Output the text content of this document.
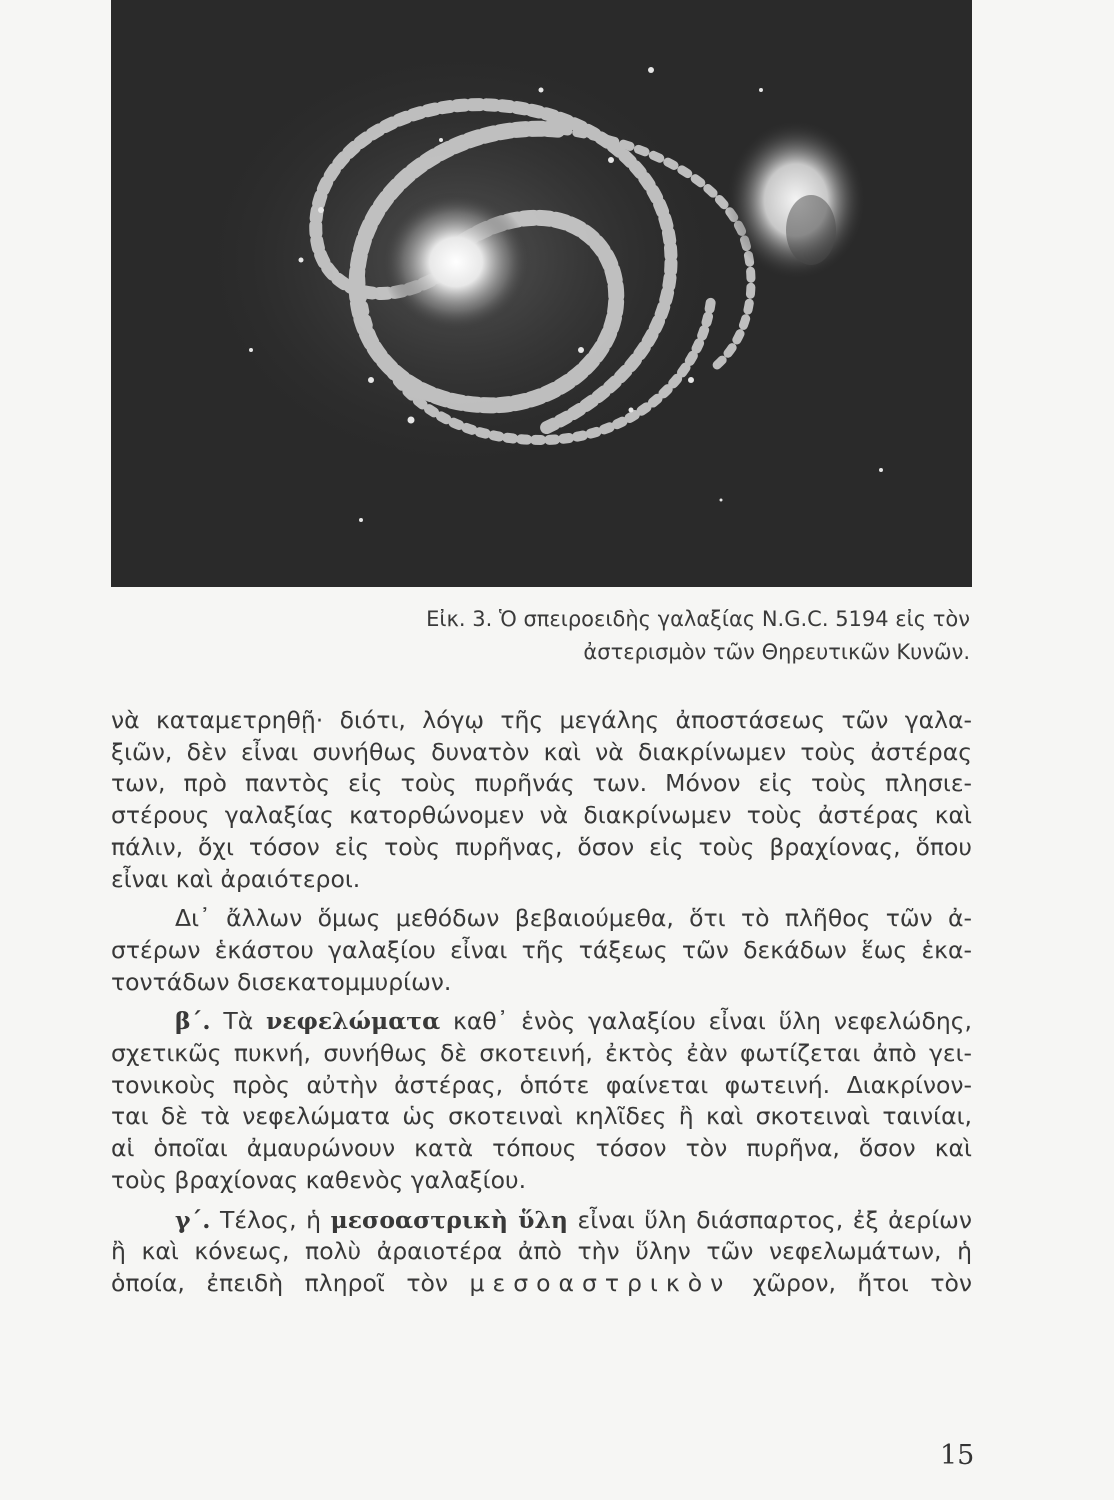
Εἰκ. 3. Ὁ σπειροειδὴς γαλαξίας N.G.C. 5194 εἰς τὸν
ἀστερισμὸν τῶν Θηρευτικῶν Κυνῶν.
νὰ καταμετρηθῇ· διότι, λόγῳ τῆς μεγάλης ἀποστάσεως τῶν γαλα-
ξιῶν, δὲν εἶναι συνήθως δυνατὸν καὶ νὰ διακρίνωμεν τοὺς ἀστέρας
των, πρὸ παντὸς εἰς τοὺς πυρῆνάς των. Μόνον εἰς τοὺς πλησιε-
στέρους γαλαξίας κατορθώνομεν νὰ διακρίνωμεν τοὺς ἀστέρας καὶ
πάλιν, ὄχι τόσον εἰς τοὺς πυρῆνας, ὅσον εἰς τοὺς βραχίονας, ὅπου
εἶναι καὶ ἀραιότεροι.
Δι᾿ ἄλλων ὅμως μεθόδων βεβαιούμεθα, ὅτι τὸ πλῆθος τῶν ἀ-
στέρων ἑκάστου γαλαξίου εἶναι τῆς τάξεως τῶν δεκάδων ἕως ἑκα-
τοντάδων δισεκατομμυρίων.
β΄. Τὰ νεφελώματα καθ᾿ ἑνὸς γαλαξίου εἶναι ὕλη νεφελώδης,
σχετικῶς πυκνή, συνήθως δὲ σκοτεινή, ἐκτὸς ἐὰν φωτίζεται ἀπὸ γει-
τονικοὺς πρὸς αὐτὴν ἀστέρας, ὁπότε φαίνεται φωτεινή. Διακρίνον-
ται δὲ τὰ νεφελώματα ὡς σκοτειναὶ κηλῖδες ἢ καὶ σκοτειναὶ ταινίαι,
αἱ ὁποῖαι ἀμαυρώνουν κατὰ τόπους τόσον τὸν πυρῆνα, ὅσον καὶ
τοὺς βραχίονας καθενὸς γαλαξίου.
γ΄. Τέλος, ἡ μεσοαστρικὴ ὕλη εἶναι ὕλη διάσπαρτος, ἐξ ἀερίων
ἢ καὶ κόνεως, πολὺ ἀραιοτέρα ἀπὸ τὴν ὕλην τῶν νεφελωμάτων, ἡ
ὁποία, ἐπειδὴ πληροῖ τὸν μεσοαστρικὸν χῶρον, ἤτοι τὸν
15
